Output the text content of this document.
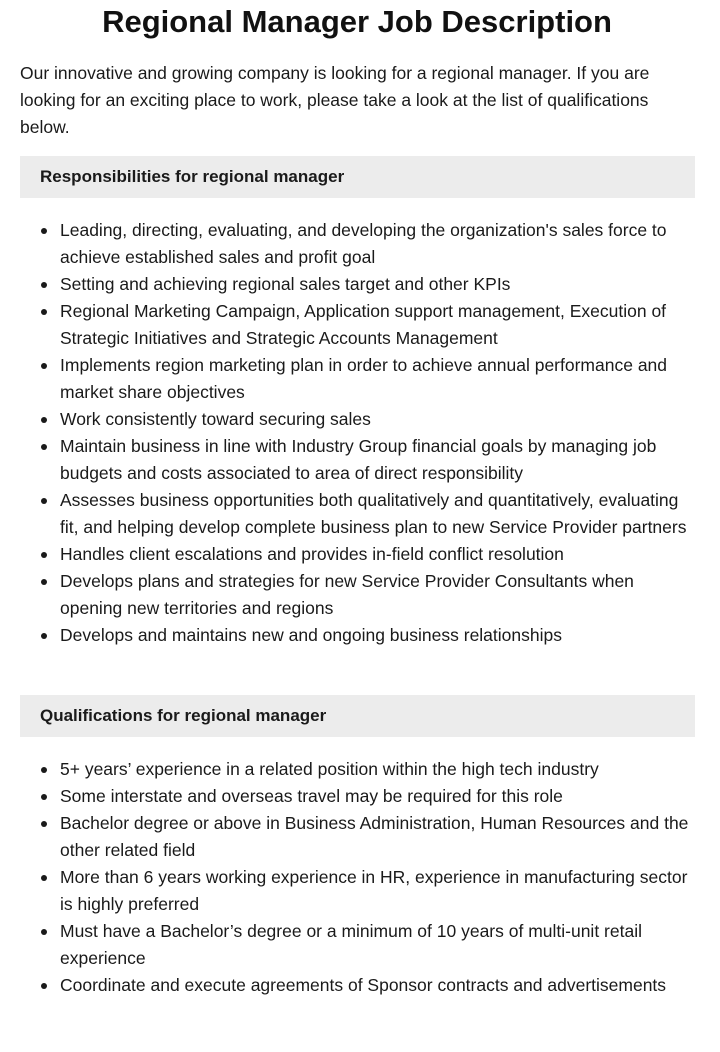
Regional Manager Job Description

Our innovative and growing company is looking for a regional manager. If you are looking for an exciting place to work, please take a look at the list of qualifications below.

Responsibilities for regional manager
Leading, directing, evaluating, and developing the organization's sales force to achieve established sales and profit goal
Setting and achieving regional sales target and other KPIs
Regional Marketing Campaign, Application support management, Execution of Strategic Initiatives and Strategic Accounts Management
Implements region marketing plan in order to achieve annual performance and market share objectives
Work consistently toward securing sales
Maintain business in line with Industry Group financial goals by managing job budgets and costs associated to area of direct responsibility
Assesses business opportunities both qualitatively and quantitatively, evaluating fit, and helping develop complete business plan to new Service Provider partners
Handles client escalations and provides in-field conflict resolution
Develops plans and strategies for new Service Provider Consultants when opening new territories and regions
Develops and maintains new and ongoing business relationships
Qualifications for regional manager
5+ years’ experience in a related position within the high tech industry
Some interstate and overseas travel may be required for this role
Bachelor degree or above in Business Administration, Human Resources and the other related field
More than 6 years working experience in HR, experience in manufacturing sector is highly preferred
Must have a Bachelor’s degree or a minimum of 10 years of multi-unit retail experience
Coordinate and execute agreements of Sponsor contracts and advertisements
